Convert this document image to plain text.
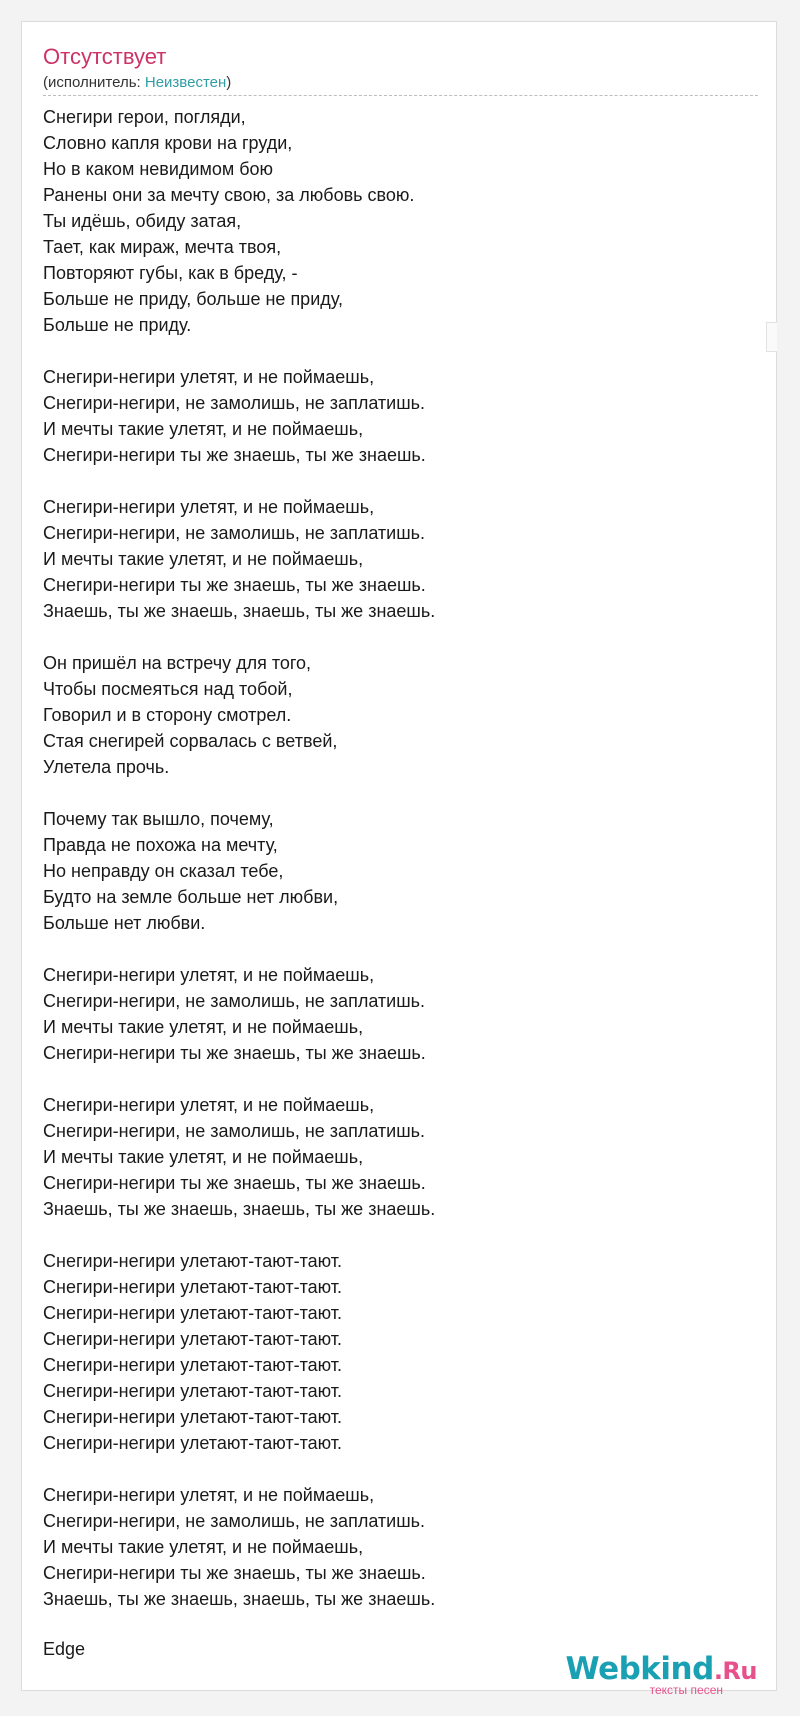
Отсутствует
(исполнитель: Неизвестен)
Снегири герои, погляди,
Словно капля крови на груди,
Но в каком невидимом бою
Ранены они за мечту свою, за любовь свою.
Ты идёшь, обиду затая,
Тает, как мираж, мечта твоя,
Повторяют губы, как в бреду, -
Больше не приду, больше не приду,
Больше не приду.

Снегири-негири улетят, и не поймаешь,
Снегири-негири, не замолишь, не заплатишь.
И мечты такие улетят, и не поймаешь,
Снегири-негири ты же знаешь, ты же знаешь.

Снегири-негири улетят, и не поймаешь,
Снегири-негири, не замолишь, не заплатишь.
И мечты такие улетят, и не поймаешь,
Снегири-негири ты же знаешь, ты же знаешь.
Знаешь, ты же знаешь, знаешь, ты же знаешь.

Он пришёл на встречу для того,
Чтобы посмеяться над тобой,
Говорил и в сторону смотрел.
Стая снегирей сорвалась с ветвей,
Улетела прочь.

Почему так вышло, почему,
Правда не похожа на мечту,
Но неправду он сказал тебе,
Будто на земле больше нет любви,
Больше нет любви.

Снегири-негири улетят, и не поймаешь,
Снегири-негири, не замолишь, не заплатишь.
И мечты такие улетят, и не поймаешь,
Снегири-негири ты же знаешь, ты же знаешь.

Снегири-негири улетят, и не поймаешь,
Снегири-негири, не замолишь, не заплатишь.
И мечты такие улетят, и не поймаешь,
Снегири-негири ты же знаешь, ты же знаешь.
Знаешь, ты же знаешь, знаешь, ты же знаешь.

Снегири-негири улетают-тают-тают.
Снегири-негири улетают-тают-тают.
Снегири-негири улетают-тают-тают.
Снегири-негири улетают-тают-тают.
Снегири-негири улетают-тают-тают.
Снегири-негири улетают-тают-тают.
Снегири-негири улетают-тают-тают.
Снегири-негири улетают-тают-тают.

Снегири-негири улетят, и не поймаешь,
Снегири-негири, не замолишь, не заплатишь.
И мечты такие улетят, и не поймаешь,
Снегири-негири ты же знаешь, ты же знаешь.
Знаешь, ты же знаешь, знаешь, ты же знаешь.
Edge
Webkind.Ru
тексты песен
